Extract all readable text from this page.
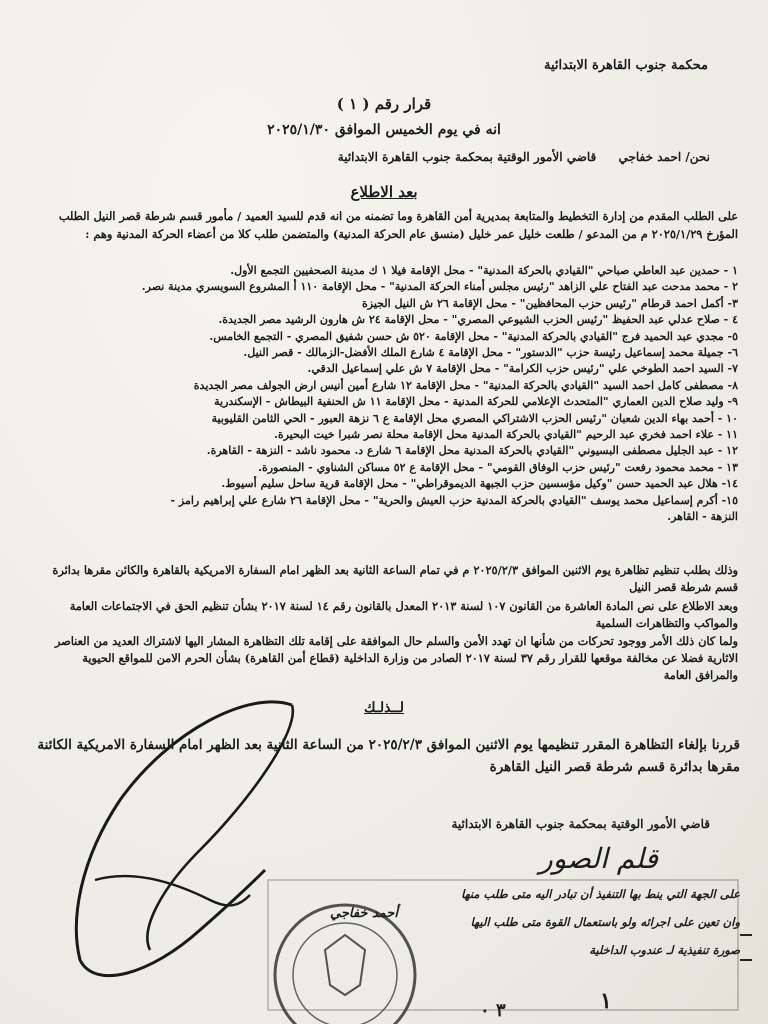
محكمة جنوب القاهرة الابتدائية
قرار رقم ( ١ )
انه في يوم الخميس الموافق ٢٠٢٥/١/٣٠
نحن/ احمد خفاجي قاضي الأمور الوقتية بمحكمة جنوب القاهرة الابتدائية
بعد الاطلاع
على الطلب المقدم من إدارة التخطيط والمتابعة بمديرية أمن القاهرة وما تضمنه من انه قدم للسيد العميد / مأمور قسم شرطة قصر النيل الطلب المؤرخ ٢٠٢٥/١/٢٩ م من المدعو / طلعت خليل عمر خليل (منسق عام الحركة المدنية) والمتضمن طلب كلا من أعضاء الحركة المدنية وهم :
١ - حمدين عبد العاطي صباحي "القيادي بالحركة المدنية" - محل الإقامة فيلا ١ ك مدينة الصحفيين التجمع الأول.
٢ - محمد مدحت عبد الفتاح علي الزاهد "رئيس مجلس أمناء الحركة المدنية" - محل الإقامة ١١٠ أ المشروع السويسري مدينة نصر.
٣- أكمل احمد قرطام "رئيس حزب المحافظين" - محل الإقامة ٢٦ ش النيل الجيزة
٤ - صلاح عدلي عبد الحفيظ "رئيس الحزب الشيوعي المصري" - محل الإقامة ٢٤ ش هارون الرشيد مصر الجديدة.
٥- مجدي عبد الحميد فرج "القيادي بالحركة المدنية" - محل الإقامة ٥٢٠ ش حسن شفيق المصري - التجمع الخامس.
٦- جميلة محمد إسماعيل رئيسة حزب "الدستور" - محل الإقامة ٤ شارع الملك الأفضل-الزمالك - قصر النيل.
٧- السيد احمد الطوخي علي "رئيس حزب الكرامة" - محل الإقامة ٧ ش علي إسماعيل الدقي.
٨- مصطفى كامل احمد السيد "القيادي بالحركة المدنية" - محل الإقامة ١٢ شارع أمين أنيس ارض الجولف مصر الجديدة
٩- وليد صلاح الدين العماري "المتحدث الإعلامي للحركة المدنية - محل الإقامة ١١ ش الحنفية البيطاش - الإسكندرية
١٠ - أحمد بهاء الدين شعبان "رئيس الحزب الاشتراكي المصري محل الإقامة ع ٦ نزهة العبور - الحي الثامن القليوبية
١١ - علاء احمد فخري عبد الرحيم "القيادي بالحركة المدنية محل الإقامة محلة نصر شبرا خيت البحيرة.
١٢ - عبد الجليل مصطفى البسيوني "القيادي بالحركة المدنية محل الإقامة ٦ شارع د. محمود ناشد - النزهة - القاهرة.
١٣ - محمد محمود رفعت "رئيس حزب الوفاق القومي" - محل الإقامة ع ٥٢ مساكن الشناوي - المنصورة.
١٤- هلال عبد الحميد حسن "وكيل مؤسسين حزب الجبهة الديموقراطي" - محل الإقامة قرية ساحل سليم أسيوط.
١٥- أكرم إسماعيل محمد يوسف "القيادي بالحركة المدنية حزب العيش والحرية" - محل الإقامة ٢٦ شارع علي إبراهيم رامز -
النزهة - القاهر.
وذلك بطلب تنظيم تظاهرة يوم الاثنين الموافق ٢٠٢٥/٢/٣ م في تمام الساعة الثانية بعد الظهر امام السفارة الامريكية بالقاهرة والكائن مقرها بدائرة قسم شرطة قصر النيل
وبعد الاطلاع على نص المادة العاشرة من القانون ١٠٧ لسنة ٢٠١٣ المعدل بالقانون رقم ١٤ لسنة ٢٠١٧ بشأن تنظيم الحق في الاجتماعات العامة والمواكب والتظاهرات السلمية
ولما كان ذلك الأمر ووجود تحركات من شأنها ان تهدد الأمن والسلم حال الموافقة على إقامة تلك التظاهرة المشار اليها لاشتراك العديد من العناصر الاثارية فضلا عن مخالفة موقعها للقرار رقم ٣٧ لسنة ٢٠١٧ الصادر من وزارة الداخلية (قطاع أمن القاهرة) بشأن الحرم الامن للمواقع الحيوية والمرافق العامة
لــذلـك
قررنا بإلغاء التظاهرة المقرر تنظيمها يوم الاثنين الموافق ٢٠٢٥/٢/٣ من الساعة الثانية بعد الظهر امام السفارة الامريكية الكائنة مقرها بدائرة قسم شرطة قصر النيل القاهرة
قاضي الأمور الوقتية بمحكمة جنوب القاهرة الابتدائية
قلم الصور
على الجهة التي ينط بها التنفيذ أن تبادر اليه متى طلب منها
وان تعين على اجرائه ولو باستعمال القوة متى طلب اليها
صورة تنفيذية لـ عندوب الداخلية
أحمد خفاجي
١
٣ ٠
